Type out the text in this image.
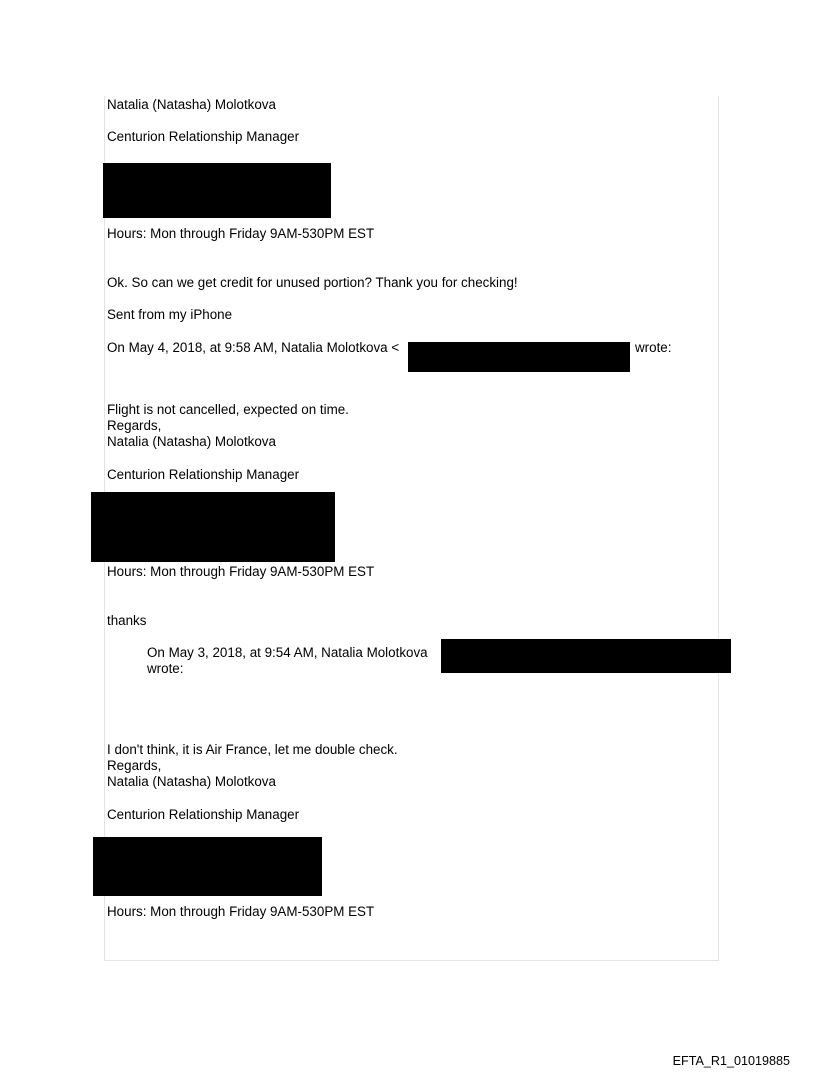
Natalia (Natasha) Molotkova
Centurion Relationship Manager
Hours: Mon through Friday 9AM-530PM EST
Ok. So can we get credit for unused portion? Thank you for checking!
Sent from my iPhone
On May 4, 2018, at 9:58 AM, Natalia Molotkova <	wrote:
Flight is not cancelled, expected on time.
Regards,
Natalia (Natasha) Molotkova
Centurion Relationship Manager
Hours: Mon through Friday 9AM-530PM EST
thanks
On May 3, 2018, at 9:54 AM, Natalia Molotkova
wrote:
I don't think, it is Air France, let me double check.
Regards,
Natalia (Natasha) Molotkova
Centurion Relationship Manager
Hours: Mon through Friday 9AM-530PM EST
EFTA_R1_01019885
